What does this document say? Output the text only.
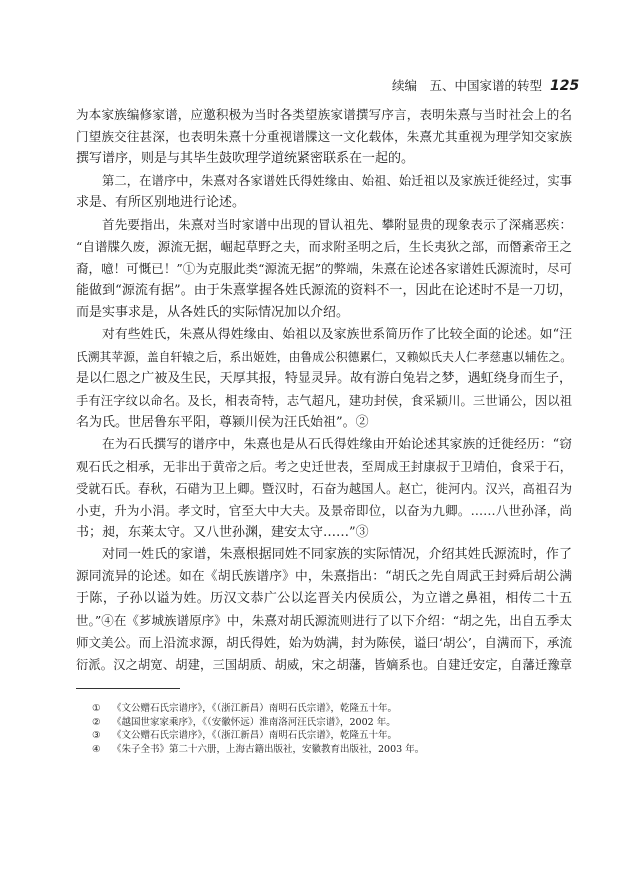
续编　五、中国家谱的转型 125
为本家族编修家谱，应邀积极为当时各类望族家谱撰写序言，表明朱熹与当时社会上的名
门望族交往甚深，也表明朱熹十分重视谱牒这一文化载体，朱熹尤其重视为理学知交家族
撰写谱序，则是与其毕生鼓吹理学道统紧密联系在一起的。
第二，在谱序中，朱熹对各家谱姓氏得姓缘由、始祖、始迁祖以及家族迁徙经过，实事
求是、有所区别地进行论述。
首先要指出，朱熹对当时家谱中出现的冒认祖先、攀附显贵的现象表示了深痛恶疾：
“自谱牒久废，源流无据，崛起草野之夫，而求附圣明之后，生长夷狄之部，而僭紊帝王之
裔，噫！可慨已！”①为克服此类“源流无据”的弊端，朱熹在论述各家谱姓氏源流时，尽可
能做到“源流有据”。由于朱熹掌握各姓氏源流的资料不一，因此在论述时不是一刀切，
而是实事求是，从各姓氏的实际情况加以介绍。
对有些姓氏，朱熹从得姓缘由、始祖以及家族世系简历作了比较全面的论述。如“汪
氏溯其苹源，盖自轩辕之后，系出姬姓，由鲁成公积德累仁，又赖姒氏夫人仁孝慈惠以辅佐之。
是以仁恩之广被及生民，天厚其报，特显灵异。故有游白兔岩之梦，遇虹绕身而生子，
手有汪字纹以命名。及长，相表奇特，志气超凡，建功封侯，食采颍川。三世诵公，因以祖
名为氏。世居鲁东平阳，尊颍川侯为汪氏始祖”。②
在为石氏撰写的谱序中，朱熹也是从石氏得姓缘由开始论述其家族的迁徙经历：“窃
观石氏之相承，无非出于黄帝之后。考之史迁世表，至周成王封康叔于卫靖伯，食采于石，
受就石氏。春秋，石碏为卫上卿。暨汉时，石奋为越国人。赵亡，徙河内。汉兴，高祖召为
小吏，升为小涓。孝文时，官至大中大夫。及景帝即位，以奋为九卿。……八世孙泽，尚
书；昶，东莱太守。又八世孙渊，建安太守……”③
对同一姓氏的家谱，朱熹根据同姓不同家族的实际情况，介绍其姓氏源流时，作了
源同流异的论述。如在《胡氏族谱序》中，朱熹指出：“胡氏之先自周武王封舜后胡公满
于陈，子孙以谥为姓。历汉文恭广公以迄晋关内侯质公，为立谱之鼻祖，相传二十五
世。”④在《芗城族谱原序》中，朱熹对胡氏源流则进行了以下介绍：“胡之先，出自五季太
师文美公。而上沿流求源，胡氏得姓，始为妫满，封为陈侯，谥曰‘胡公’，自满而下，承流
衍派。汉之胡宽、胡建，三国胡质、胡威，宋之胡藩，皆嫡系也。自建迁安定，自藩迁豫章
①	《文公赠石氏宗谱序》，《（浙江新昌）南明石氏宗谱》，乾隆五十年。
②	《越国世家家乘序》，《（安徽怀远）淮南洛河汪氏宗谱》，2002 年。
③	《文公赠石氏宗谱序》，《（浙江新昌）南明石氏宗谱》，乾隆五十年。
④	《朱子全书》第二十六册，上海古籍出版社，安徽教育出版社，2003 年。
